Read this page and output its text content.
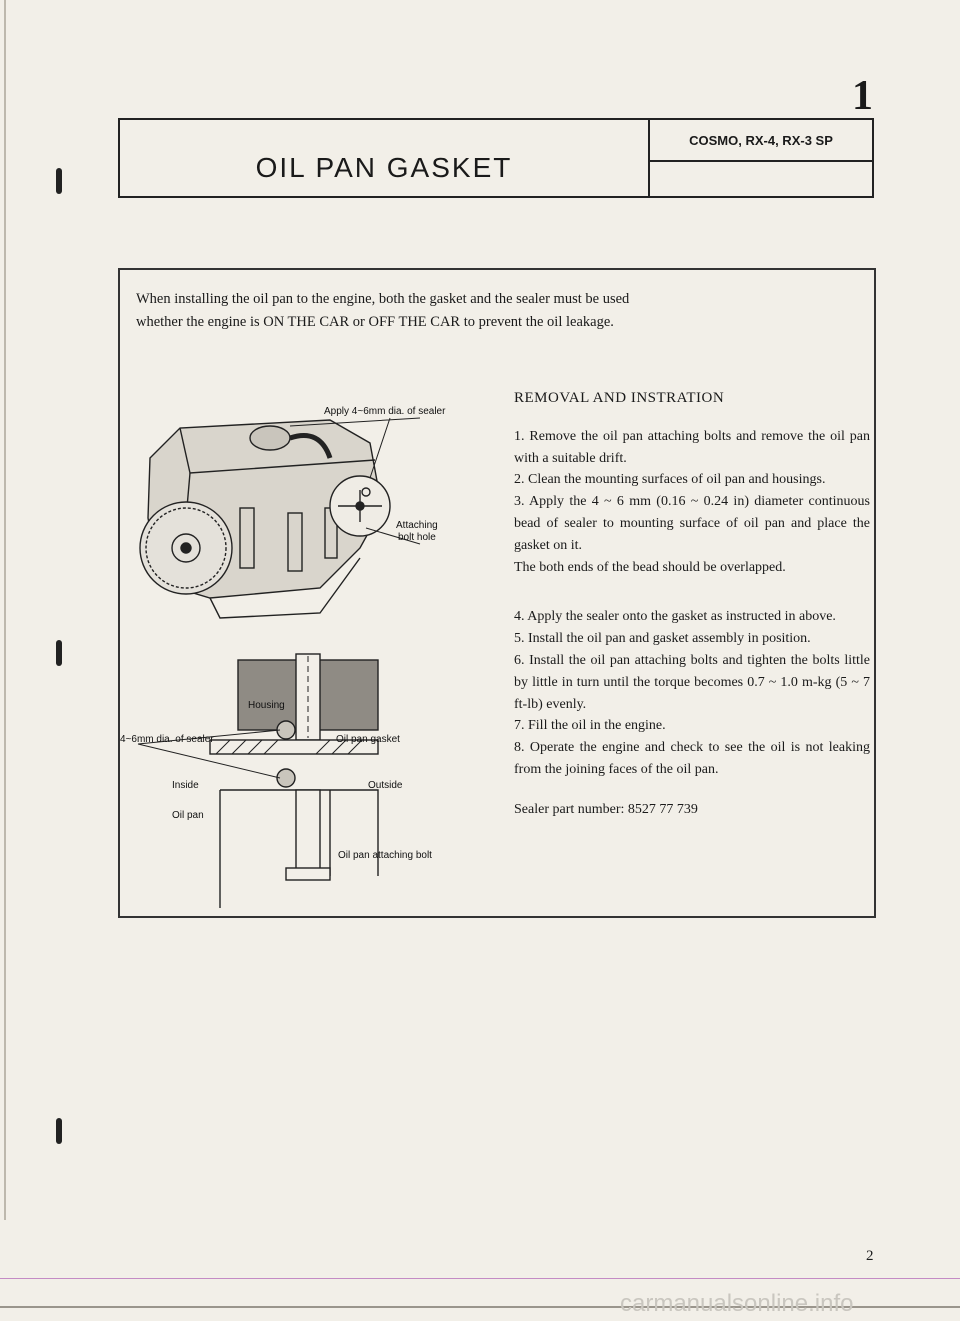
1
OIL PAN GASKET
COSMO, RX-4, RX-3 SP

When installing the oil pan to the engine, both the gasket and the sealer must be used whether the engine is ON THE CAR or OFF THE CAR to prevent the oil leakage.

Apply 4~6mm dia. of sealer
Attaching
bolt hole
Housing
4~6mm dia. of sealer	Oil pan gasket
Inside	Outside
Oil pan
Oil pan attaching bolt
REMOVAL AND INSTRATION

1. Remove the oil pan attaching bolts and remove the oil pan with a suitable drift.

2. Clean the mounting surfaces of oil pan and housings.

3. Apply the 4 ~ 6 mm (0.16 ~ 0.24 in) diameter continuous bead of sealer to mounting surface of oil pan and place the gasket on it.

The both ends of the bead should be overlapped.

4. Apply the sealer onto the gasket as instructed in above.

5. Install the oil pan and gasket assembly in position.

6. Install the oil pan attaching bolts and tighten the bolts little by little in turn until the torque becomes 0.7 ~ 1.0 m-kg (5 ~ 7 ft-lb) evenly.

7. Fill the oil in the engine.

8. Operate the engine and check to see the oil is not leaking from the joining faces of the oil pan.

Sealer part number: 8527 77 739

2
carmanualsonline.info
